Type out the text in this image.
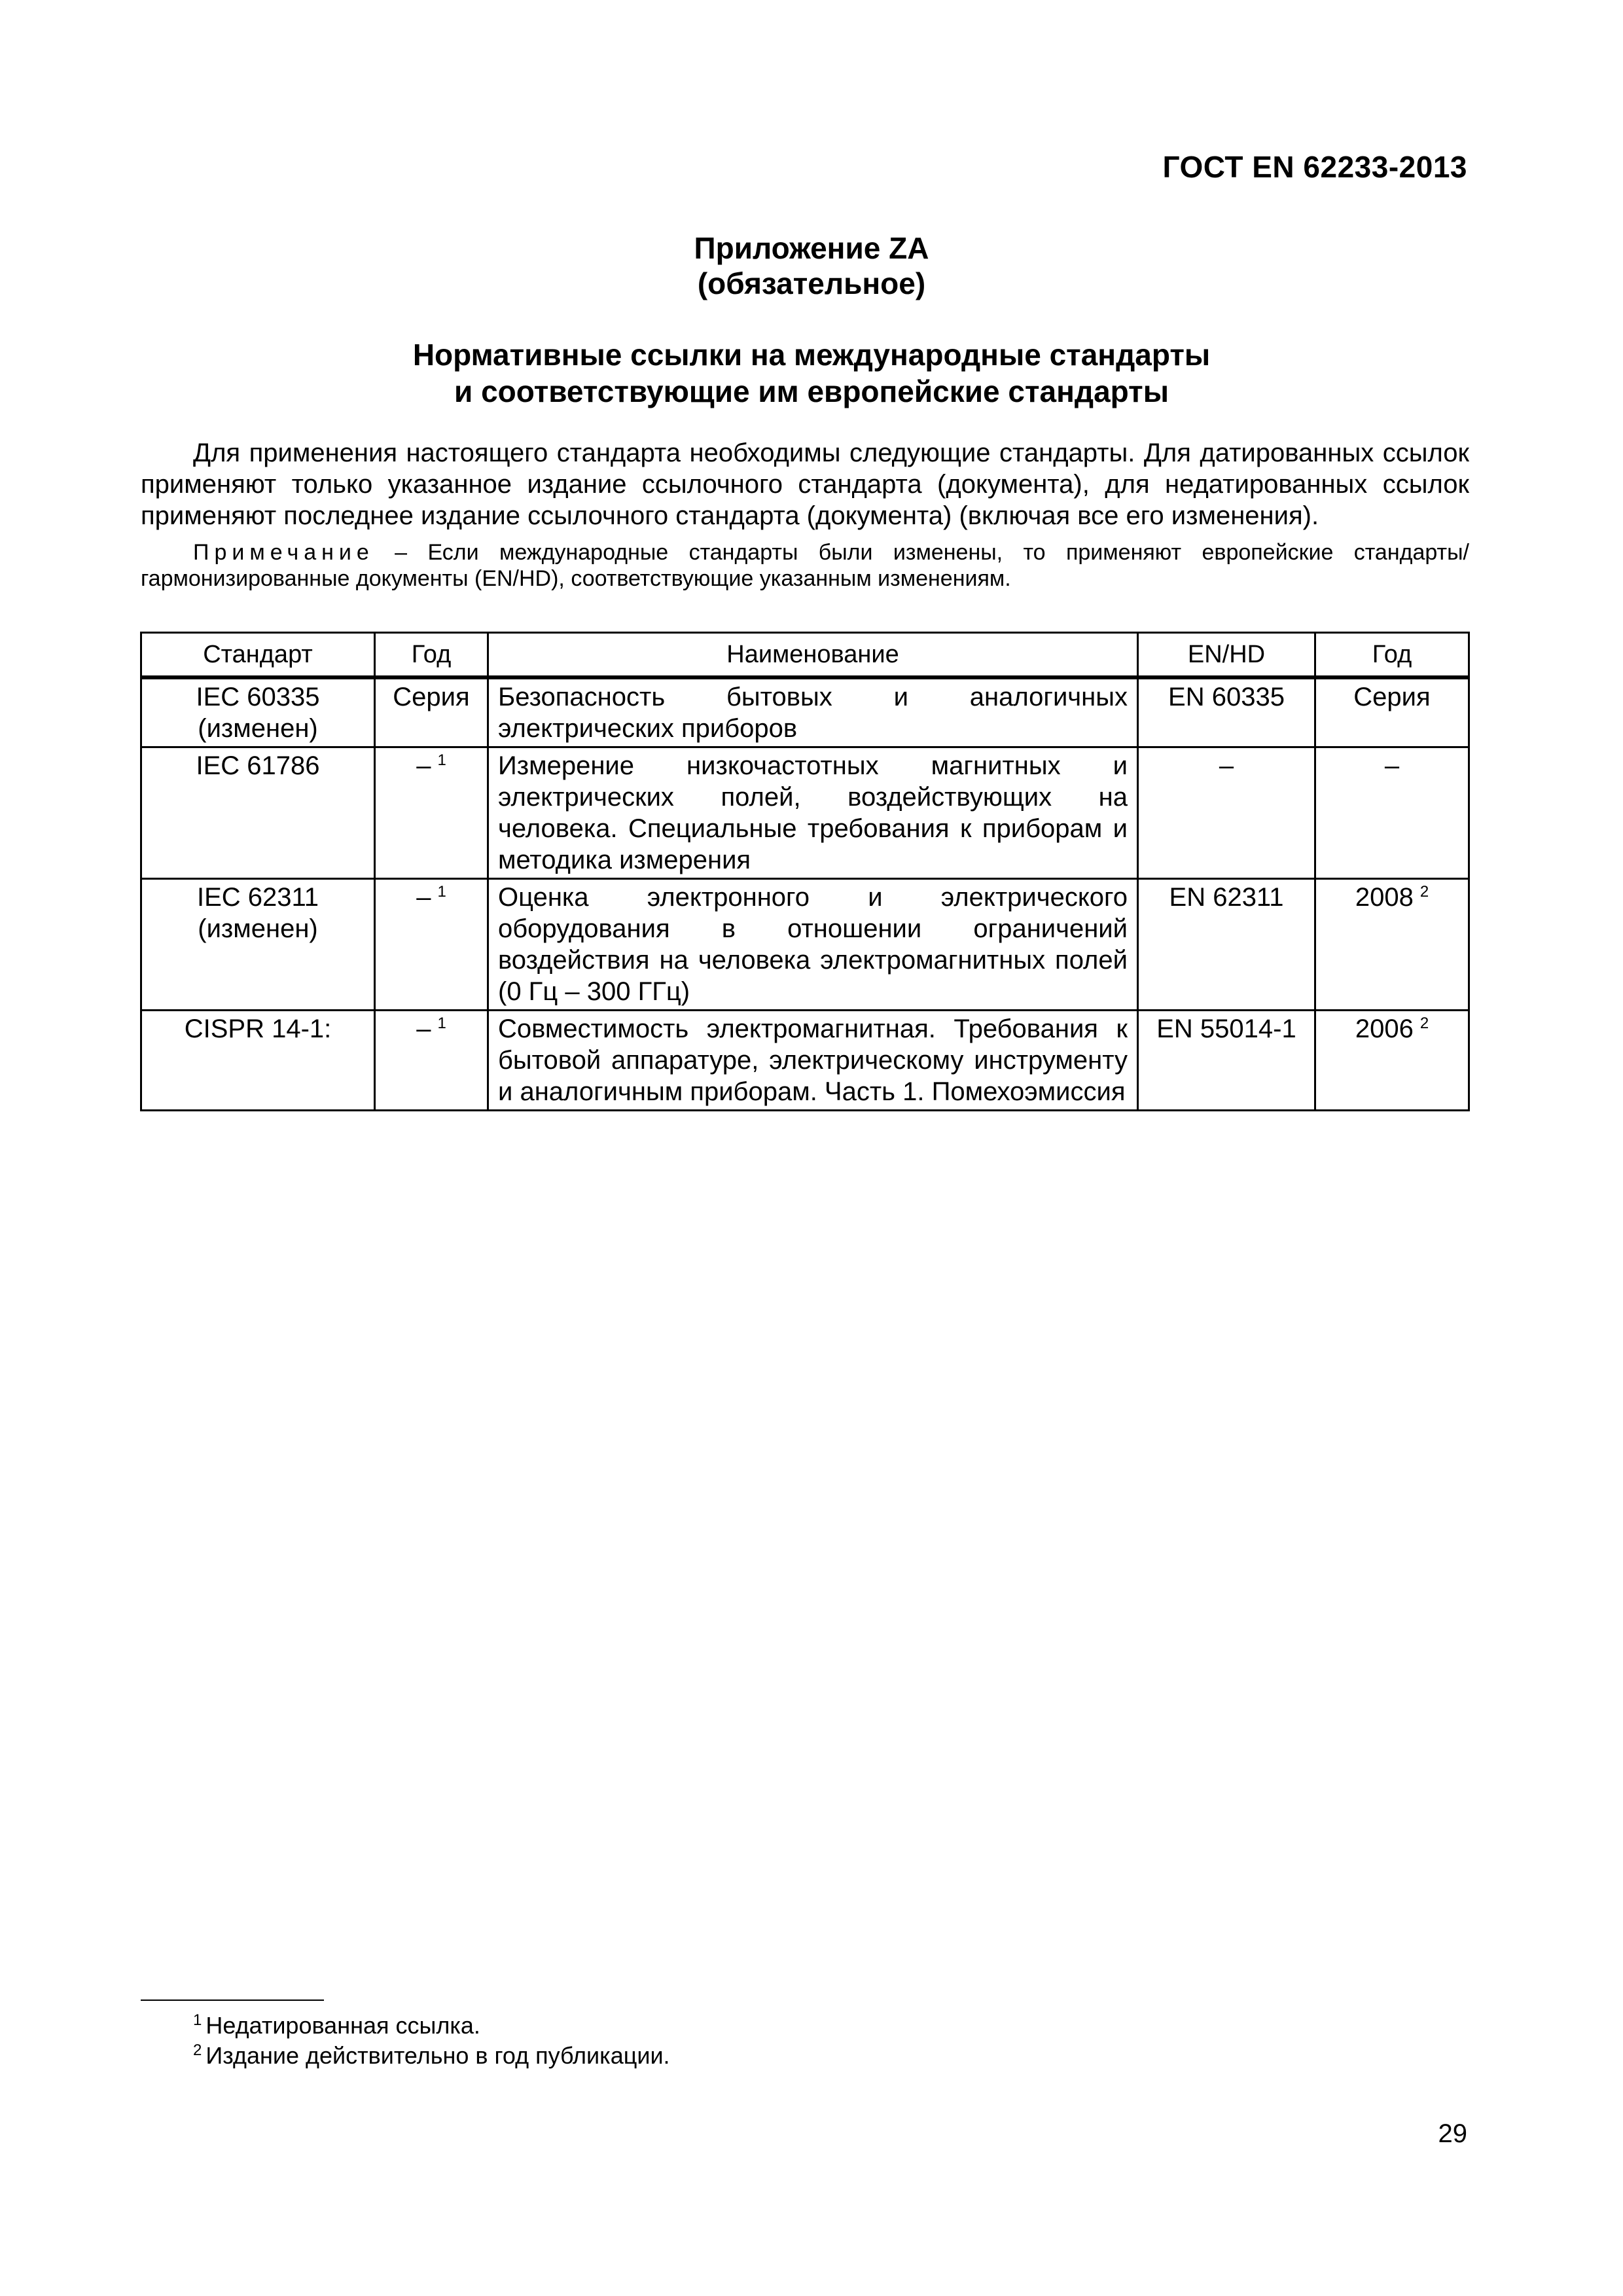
ГОСТ EN 62233-2013
Приложение ZA
(обязательное)
Нормативные ссылки на международные стандарты
и соответствующие им европейские стандарты

Для применения настоящего стандарта необходимы следующие стандарты. Для датированных ссылок применяют только указанное издание ссылочного стандарта (документа), для недатированных ссылок применяют последнее издание ссылочного стандарта (документа) (включая все его изменения).

Примечание – Если международные стандарты были изменены, то применяют европейские стандарты/ гармонизированные документы (EN/HD), соответствующие указанным изменениям.

Стандарт	Год	Наименование	EN/HD	Год

IEC 60335
(изменен)	Серия	Безопасность бытовых и аналогичных электрических приборов	EN 60335	Серия

IEC 61786	– $^1$	Измерение низкочастотных магнитных и электрических полей, воздействующих на человека. Специальные требования к приборам и методика измерения	–	–

IEC 62311
(изменен)	– $^1$	Оценка электронного и электрического оборудования в отношении ограничений воздействия на человека электромагнитных полей (0 Гц – 300 ГГц)	EN 62311	2008 $^2$

CISPR 14-1:	– $^1$	Совместимость электромагнитная. Требования к бытовой аппаратуре, электрическому инструменту и аналогичным приборам. Часть 1. Помехоэмиссия	EN 55014-1	2006 $^2$
$^1$ Недатированная ссылка.
$^2$ Издание действительно в год публикации.
29
